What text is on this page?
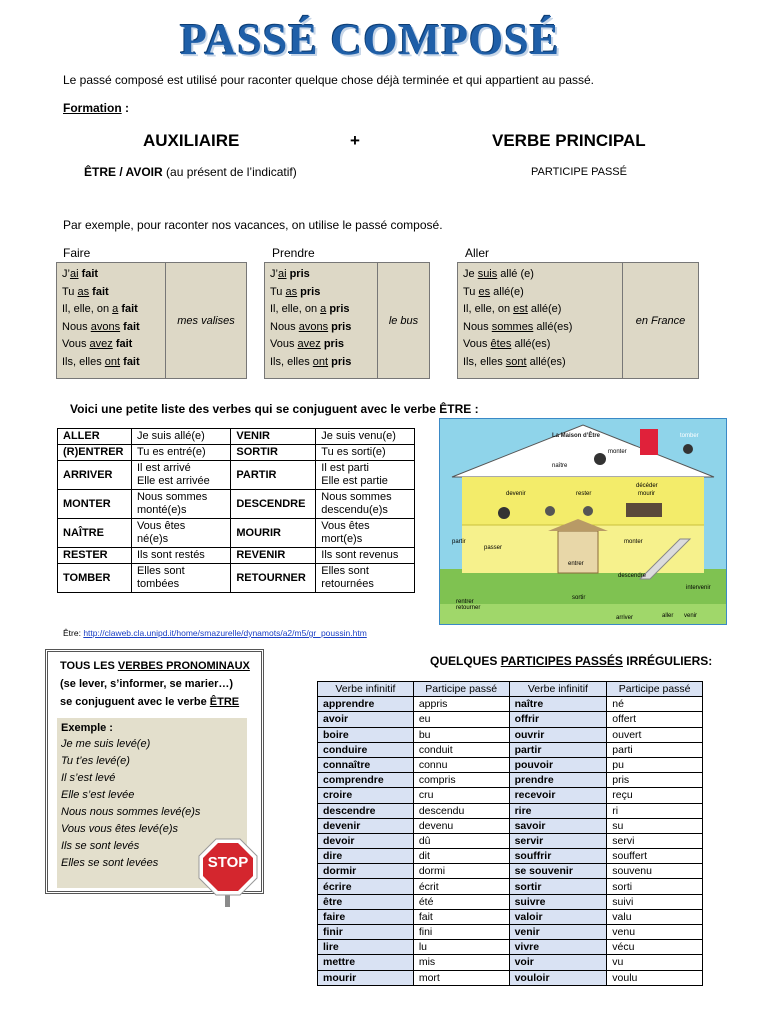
PASSÉ COMPOSÉ
Le passé composé est utilisé pour raconter quelque chose déjà terminée et qui appartient au passé.
Formation :
AUXILIAIRE	+	VERBE PRINCIPAL
ÊTRE / AVOIR (au présent de l’indicatif)	PARTICIPE PASSÉ
Par exemple, pour raconter nos vacances, on utilise le passé composé.
Faire	Prendre	Aller
J’ai fait
Tu as fait
Il, elle, on a fait
Nous avons fait
Vous avez fait
Ils, elles ont fait
mes valises
J’ai pris
Tu as pris
Il, elle, on a pris
Nous avons pris
Vous avez pris
Ils, elles ont pris
le bus
Je suis allé (e)
Tu es allé(e)
Il, elle, on est allé(e)
Nous sommes allé(es)
Vous êtes allé(es)
Ils, elles sont allé(es)
en France
Voici une petite liste des verbes qui se conjuguent avec le verbe ÊTRE :
ALLER	Je suis allé(e)	VENIR	Je suis venu(e)
(R)ENTRER	Tu es entré(e)	SORTIR	Tu es sorti(e)
ARRIVER	Il est arrivé
Elle est arrivée	PARTIR	Il est parti
Elle est partie
MONTER	Nous sommes
monté(e)s	DESCENDRE	Nous sommes
descendu(e)s
NAÎTRE	Vous êtes
né(e)s	MOURIR	Vous êtes
mort(e)s
RESTER	Ils sont restés	REVENIR	Ils sont revenus
TOMBER	Elles sont
tombées	RETOURNER	Elles sont
retournées
La Maison d’Être	tomber
monter
naître
devenir	rester
décéder
mourir
partir
passer
entrer
monter
descendre
intervenir
rentrer
retourner
sortir
arriver	aller venir
Être: http://claweb.cla.unipd.it/home/smazurelle/dynamots/a2/m5/gr_poussin.htm
TOUS LES VERBES PRONOMINAUX
(se lever, s’informer, se marier…)
se conjuguent avec le verbe ÊTRE
Exemple :
Je me suis levé(e)
Tu t’es levé(e)
Il s’est levé
Elle s’est levée
Nous nous sommes levé(e)s
Vous vous êtes levé(e)s
Ils se sont levés
Elles se sont levées	STOP
QUELQUES PARTICIPES PASSÉS IRRÉGULIERS:
Verbe infinitif	Participe passé	Verbe infinitif	Participe passé
apprendre	appris	naître	né
avoir	eu	offrir	offert
boire	bu	ouvrir	ouvert
conduire	conduit	partir	parti
connaître	connu	pouvoir	pu
comprendre	compris	prendre	pris
croire	cru	recevoir	reçu
descendre	descendu	rire	ri
devenir	devenu	savoir	su
devoir	dû	servir	servi
dire	dit	souffrir	souffert
dormir	dormi	se souvenir	souvenu
écrire	écrit	sortir	sorti
être	été	suivre	suivi
faire	fait	valoir	valu
finir	fini	venir	venu
lire	lu	vivre	vécu
mettre	mis	voir	vu
mourir	mort	vouloir	voulu
